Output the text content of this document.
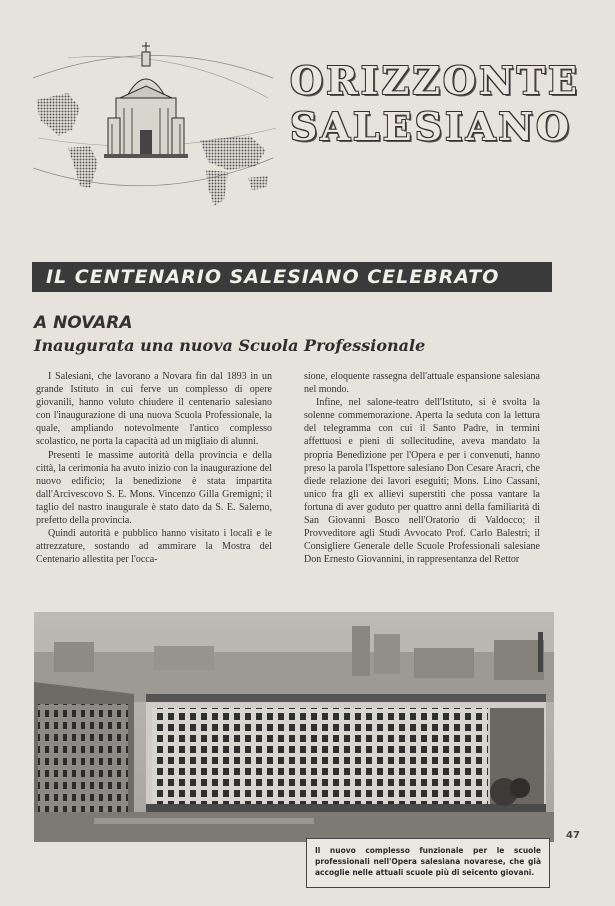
ORIZZONTE
SALESIANO
IL CENTENARIO SALESIANO CELEBRATO
A NOVARA
Inaugurata una nuova Scuola Professionale

I Salesiani, che lavorano a Novara fin dal 1893 in un grande Istituto in cui ferve un complesso di opere giovanili, hanno voluto chiudere il centenario salesiano con l'inaugurazione di una nuova Scuola Professionale, la quale, ampliando notevolmente l'antico complesso scolastico, ne porta la capacità ad un migliaio di alunni.

Presenti le massime autorità della provincia e della città, la cerimonia ha avuto inizio con la inaugurazione del nuovo edificio; la benedizione è stata impartita dall'Arcivescovo S. E. Mons. Vincenzo Gilla Gremigni; il taglio del nastro inaugurale è stato dato da S. E. Salerno, prefetto della provincia.

Quindi autorità e pubblico hanno visitato i locali e le attrezzature, sostando ad ammirare la Mostra del Centenario allestita per l'occa-

sione, eloquente rassegna dell'attuale espansione salesiana nel mondo.

Infine, nel salone-teatro dell'Istituto, si è svolta la solenne commemorazione. Aperta la seduta con la lettura del telegramma con cui il Santo Padre, in termini affettuosi e pieni di sollecitudine, aveva mandato la propria Benedizione per l'Opera e per i convenuti, hanno preso la parola l'Ispettore salesiano Don Cesare Aracri, che diede relazione dei lavori eseguiti; Mons. Lino Cassani, unico fra gli ex allievi superstiti che possa vantare la fortuna di aver goduto per quattro anni della familiarità di San Giovanni Bosco nell'Oratorio di Valdocco; il Provveditore agli Studi Avvocato Prof. Carlo Balestri; il Consigliere Generale delle Scuole Professionali salesiane Don Ernesto Giovannini, in rappresentanza del Rettor

Il nuovo complesso funzionale per le scuole professionali nell'Opera salesiana novarese, che già accoglie nelle attuali scuole più di seicento giovani.
47
